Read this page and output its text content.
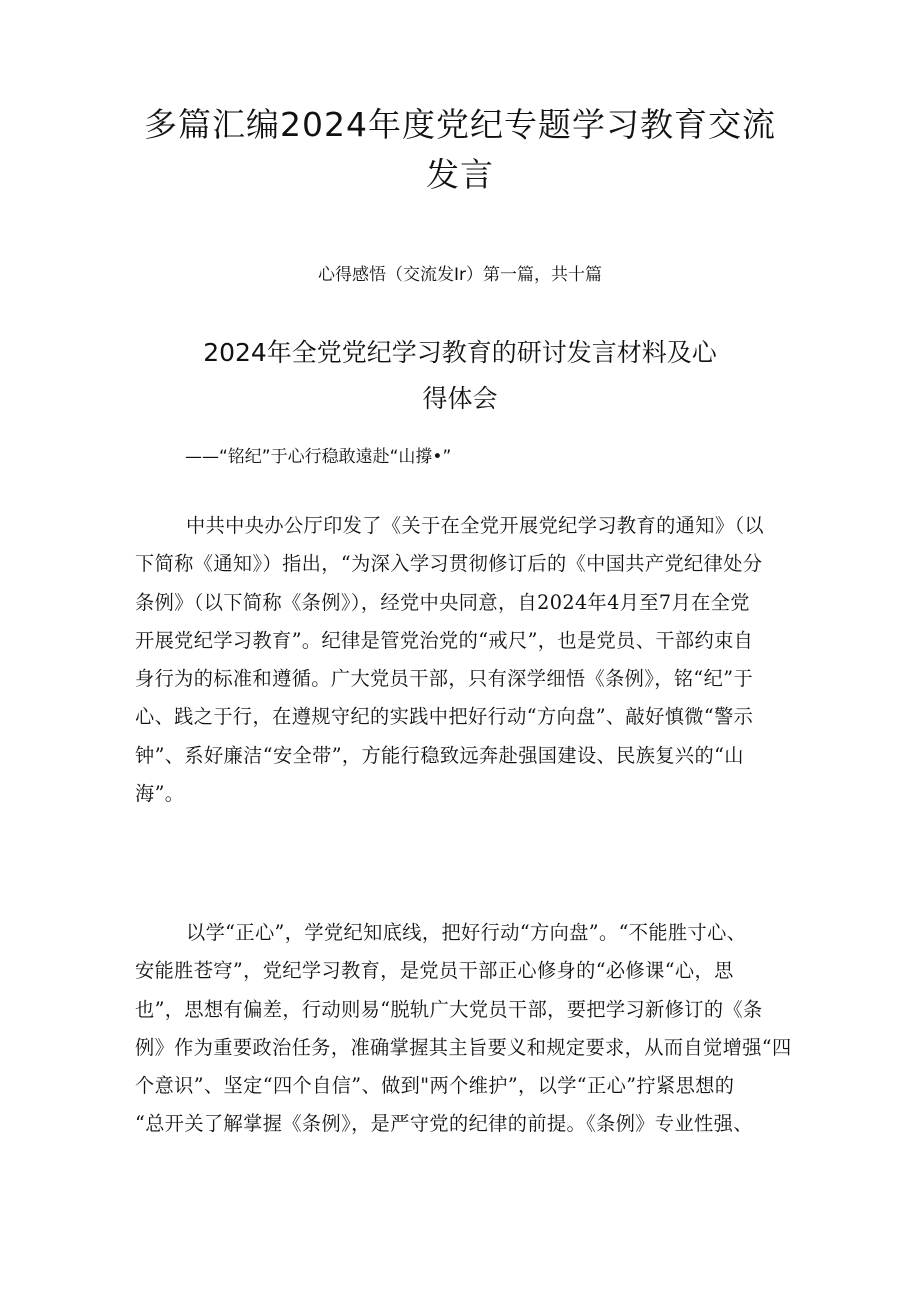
多篇汇编2024年度党纪专题学习教育交流
发言
心得感悟（交流发Ir）第一篇，共十篇
2024年全党党纪学习教育的研讨发言材料及心
得体会
——“铭纪”于心行稳敢遠赴“山撐•”

中共中央办公厅印发了《关于在全党开展党纪学习教育的通知》（以
下简称《通知》）指出，“为深入学习贯彻修订后的《中国共产党纪律处分
条例》（以下简称《条例》），经党中央同意，自2024年4月至7月在全党
开展党纪学习教育”。纪律是管党治党的“戒尺”，也是党员、干部约束自
身行为的标准和遵循。广大党员干部，只有深学细悟《条例》，铭“纪”于
心、践之于行，在遵规守纪的实践中把好行动“方向盘”、敲好慎微“警示
钟”、系好廉洁“安全带”，方能行稳致远奔赴强国建设、民族复兴的“山
海”。

以学“正心”，学党纪知底线，把好行动“方向盘”。“不能胜寸心、
安能胜苍穹”，党纪学习教育，是党员干部正心修身的“必修课“心，思
也”，思想有偏差，行动则易“脱轨广大党员干部，要把学习新修订的《条
例》作为重要政治任务，准确掌握其主旨要义和规定要求，从而自觉增强“四
个意识”、坚定“四个自信”、做到"两个维护”，以学“正心”拧紧思想的
“总开关了解掌握《条例》，是严守党的纪律的前提。《条例》专业性强、
